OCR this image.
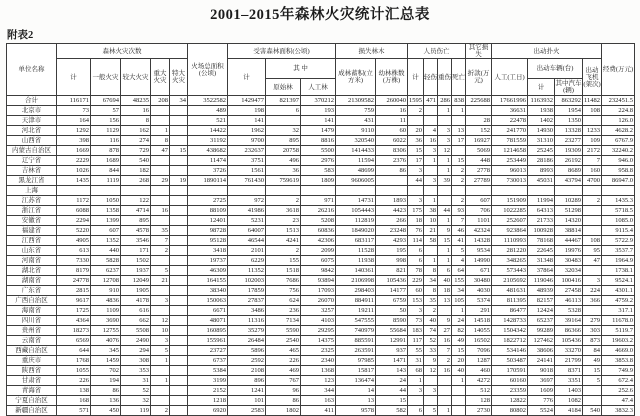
2001–2015年森林火灾统计汇总表
附表2
单位名称	森林火灾次数					火场总面积(公顷)	受害森林面积(公顷)			损失林木		人员伤亡				其它损失	出动扑火				经费(万元)
	计	一般火灾	较大火灾	重大火灾	特大火灾		计	其 中		成林蓄积(立方米)	幼林株数(万株)	计	轻伤	重伤	死亡	折款(万元)	人工(工日)	出动车辆(台)		出动飞机(架次)	
								原始林	人工林									计	其中汽车(辆)		
合计	116171	67694	48235	208	34	3522582	1429477	821397	370212	21309582	260040	1595	471	286	838	225688	17661996	1163932	863292	11482	232451.5
北京市	73	57	16			489	198	6	193	759	16	2		1	1		36631	1938	1954	108	224.8
天津市	164	156	8			521	141		141	431	11					28	22478	1402	1350		126.0
河北省	1292	1129	162	1		14422	1962	32	1479	9110	60	20	4	3	13	152	241770	14930	13328	1233	4628.2
山西省	398	116	274	8		31192	9700	895	8816	320540	6022	36	16	3	17	16927	781559	31310	23277	109	6767.9
内蒙古自治区	1669	878	729	47	15	438682	232637	20758	5500	1414433	8306	15	3	12		5069	1214658	25245	19309	2172	32240.2
辽宁省	2229	1689	540			11474	3751	496	2976	11594	2376	17	1	1	15	448	253449	28186	26192	7	946.0
吉林省	1026	844	182			3726	1561	36	583	48699	86	3		1	2	2778	96013	8993	8689	160	958.8
黑龙江省	1435	1119	268	29	19	1890114	761430	759619	1809	9606005		44	3	39	2	27789	730013	45031	43794	4700	86947.0
上海																					
江苏省	1172	1050	122			2725	972	2	971	14731	1893	3	1		2	607	151909	11994	10289	2	1435.3
浙江省	6088	1358	4714	16		88109	41986	3618	26216	1054443	4423	175	38	44	93	706	1022285	64313	51298		5718.5
安徽省	2294	1399	895			12401	5231	23	5208	112819	266	18	10	1	7	1101	252607	21733	14320		1085.0
福建省	5220	607	4578	35		98728	64007	1513	60836	1849020	23248	76	21	9	46	42324	923864	100928	38814		9115.4
江西省	4905	1352	3546	7		95128	46544	4241	42306	683117	4293	114	58	15	41	14328	1110993	78168	44467	108	5722.9
山东省	613	440	171	2		3418	2101	2	2099	11528	195	6		1	5	9534	281220	22645	19976	95	3537.7
河南省	7330	5828	1502			19737	6229	155	6075	11938	998	6	1	1	4	14990	348265	31348	30483	47	1964.9
湖北省	8179	6237	1937	5		46309	11352	1518	9842	140361	821	78	8	6	64	671	573443	37864	32034		1738.1
湖南省	24778	12708	12049	21		164155	102003	7686	93894	2106998	105436	229	34	40	155	30480	2105692	119046	100416	3	9524.1
广东省	2815	910	1905			38340	17859	756	17093	298403	14177	60	8	18	34	4030	481631	48939	27458	224	4301.1
广西自治区	9617	4836	4178	3		150063	27837	624	26070	884911	6759	153	35	13	105	5374	811395	82157	46113	366	4759.2
海南省	1725	1109	616			6671	3486	236	3257	19211	50	3	2		1	291	86477	12424	5328		317.1
四川省	4364	3690	662	12		48071	11316	7134	4103	547555	8590	73	40	9	24	14518	1428733	65237	39164	279	11678.0
贵州省	18273	12755	5508	10		160895	35279	5590	29295	740979	55684	183	74	27	82	14055	1504342	99289	86366	303	5119.7
云南省	6569	4076	2490	3		155961	26484	2540	14375	885591	12991	117	52	16	49	16502	1822712	127462	105436	873	19603.2
西藏自治区	644	345	294	5		23727	5896	465	2325	263591	937	55	33	7	15	7096	534146	38606	33270	84	4669.0
重庆市	1768	1459	308	1		6737	2592	226	2340	97985	1471	31	9	2	20	1287	503487	24141	21799	49	3853.8
陕西省	1055	702	353			5384	2108	469	1368	15817	143	68	12	16	40	460	170591	9018	8371	15	749.9
甘肃省	226	194	31	1		3199	896	767	123	136474	24	1			1	4272	60160	3697	3351	5	672.4
青海省	138	86	52			2152	1241	96	344	14	44	3	3			512	23359	1609	1403		252.6
宁夏自治区	168	136	32			1218	101	86	163	13	15					128	12822	776	1082		47.4
新疆自治区	571	450	119	2		6920	2583	1802	411	9578	582	6	5	1		2730	80802	5524	4184	540	3832.3
